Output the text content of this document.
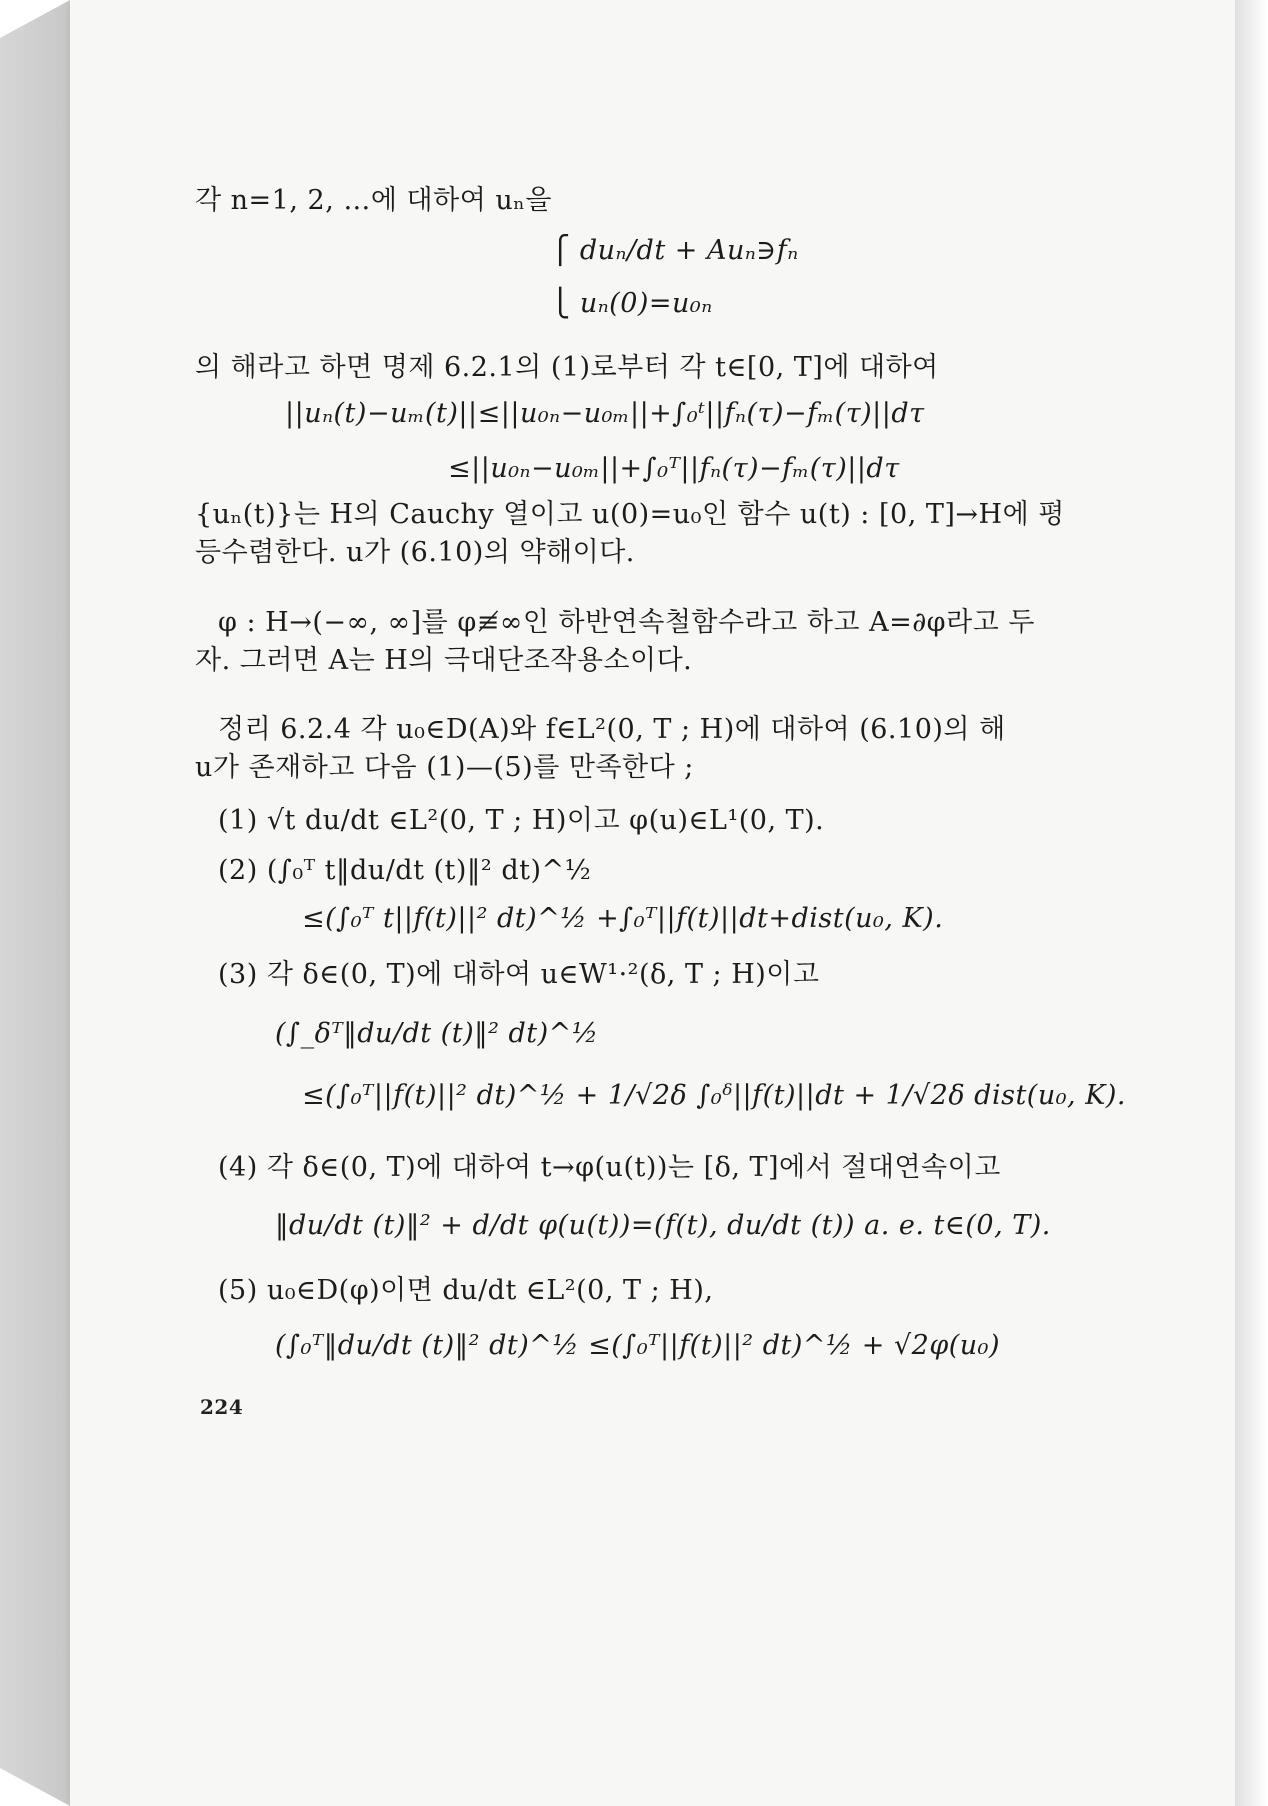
각 n=1, 2, …에 대하여 uₙ을
⎧ duₙ/dt + Auₙ∋fₙ
⎩ uₙ(0)=u₀ₙ
의 해라고 하면 명제 6.2.1의 (1)로부터 각 t∈[0, T]에 대하여
||uₙ(t)−uₘ(t)||≤||u₀ₙ−u₀ₘ||+∫₀ᵗ||fₙ(τ)−fₘ(τ)||dτ
≤||u₀ₙ−u₀ₘ||+∫₀ᵀ||fₙ(τ)−fₘ(τ)||dτ
{uₙ(t)}는 H의 Cauchy 열이고 u(0)=u₀인 함수 u(t) : [0, T]→H에 평
등수렴한다. u가 (6.10)의 약해이다.
φ : H→(−∞, ∞]를 φ≢∞인 하반연속철함수라고 하고 A=∂φ라고 두
자. 그러면 A는 H의 극대단조작용소이다.
정리 6.2.4 각 u₀∈D(A)와 f∈L²(0, T ; H)에 대하여 (6.10)의 해
u가 존재하고 다음 (1)—(5)를 만족한다 ;
(1) √t du/dt ∈L²(0, T ; H)이고 φ(u)∈L¹(0, T).
(2) (∫₀ᵀ t‖du/dt (t)‖² dt)^½
≤(∫₀ᵀ t||f(t)||² dt)^½ +∫₀ᵀ||f(t)||dt+dist(u₀, K).
(3) 각 δ∈(0, T)에 대하여 u∈W¹·²(δ, T ; H)이고
(∫_δᵀ‖du/dt (t)‖² dt)^½
≤(∫₀ᵀ||f(t)||² dt)^½ + 1/√2δ ∫₀ᵟ||f(t)||dt + 1/√2δ dist(u₀, K).
(4) 각 δ∈(0, T)에 대하여 t→φ(u(t))는 [δ, T]에서 절대연속이고
‖du/dt (t)‖² + d/dt φ(u(t))=(f(t), du/dt (t)) a. e. t∈(0, T).
(5) u₀∈D(φ)이면 du/dt ∈L²(0, T ; H),
(∫₀ᵀ‖du/dt (t)‖² dt)^½ ≤(∫₀ᵀ||f(t)||² dt)^½ + √2φ(u₀)
224
